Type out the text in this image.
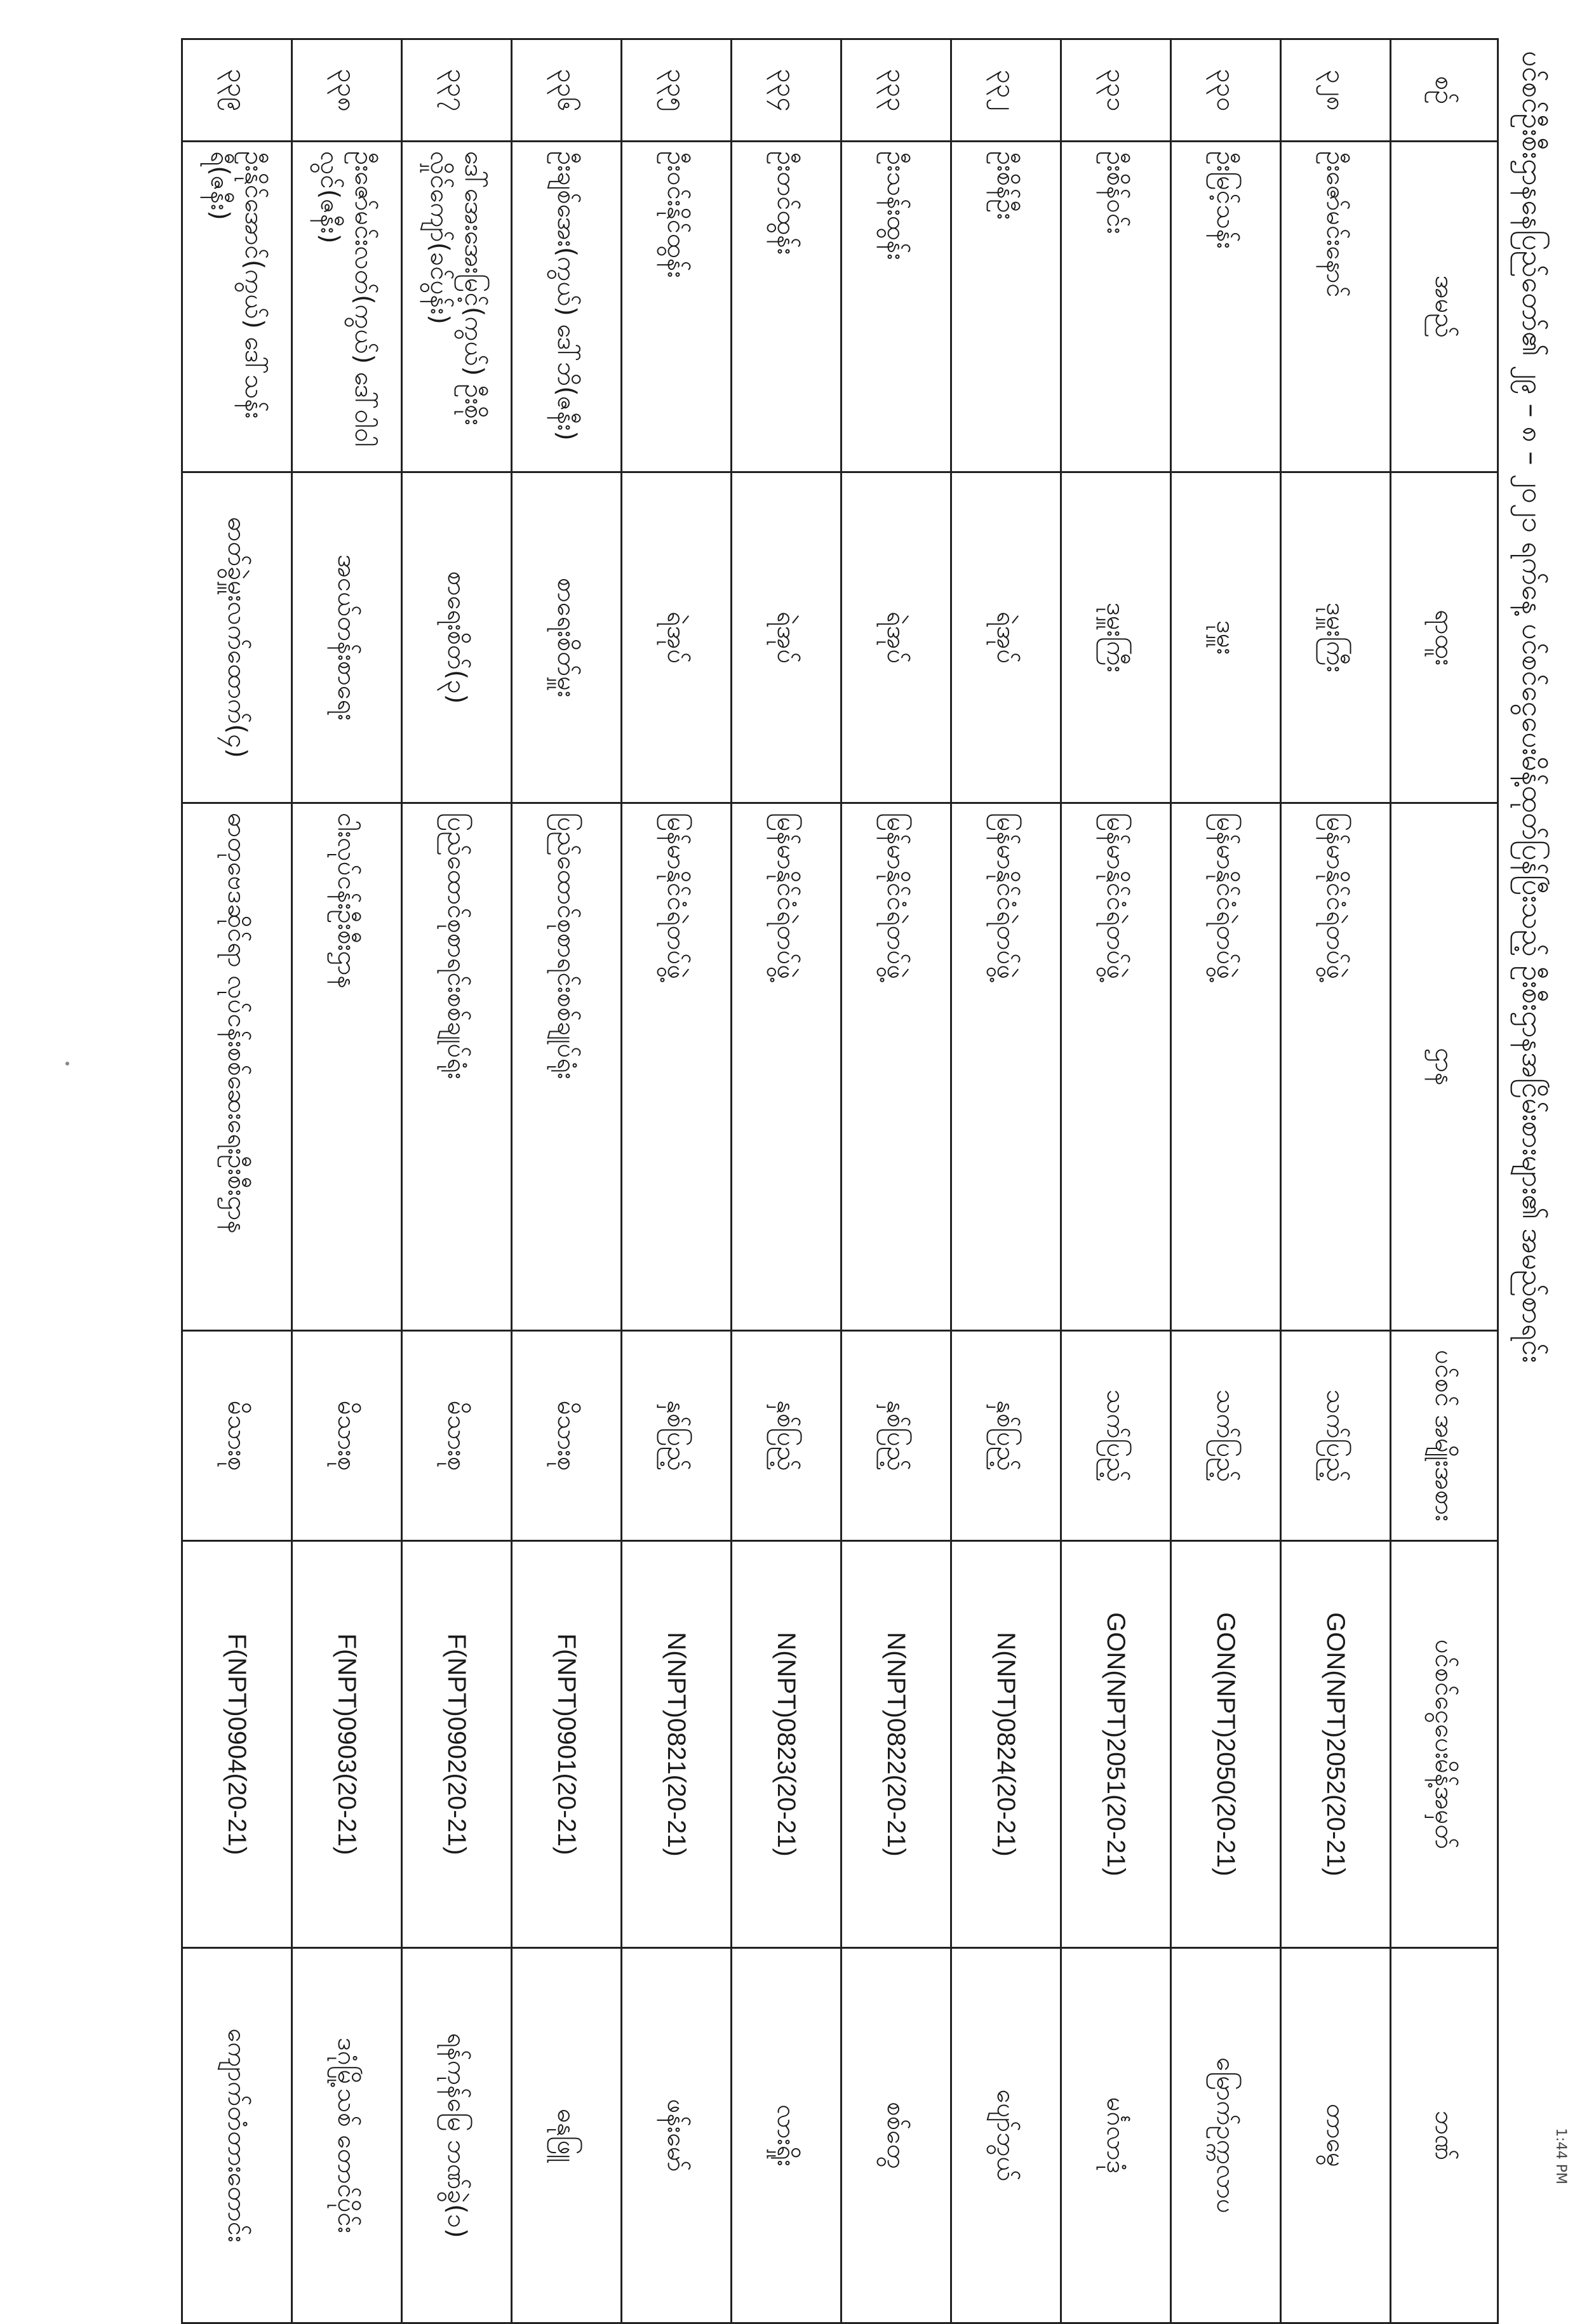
1:44 PM
ပင်စင်ဦးစီးဌာနနေပြည်တော်၏ ၂၉ – ၈ – ၂၀၂၁ ရက်နေ့ ပင်စင်ငွေပေးမိန့်ထုတ်ပြန်ပြီးသည့် ဦးစီးဌာနအငြိမ်းစားများ၏ အမည်စာရင်း
စဉ်	အမည်	ရာထူး	ဌာန	ပင်စင် အမျိုးအစား	ပင်စင်ငွေပေးမိန့်အမှတ်	ဘဏ်
၃၂၈	ဦးဇော်မင်းနောင်	ဒုမှူးကြီး	မြန်မာနိုင်ငံရဲတပ်ဖွဲ့	သက်ပြည့်	GON(NPT)2052(20-21)	တာမွေ
၃၃၀	ဦးမြင့်သန်း	ဒုမှူး	မြန်မာနိုင်ငံရဲတပ်ဖွဲ့	သက်ပြည့်	GON(NPT)2050(20-21)	မြောက်ဥက္ကလာပ
၃၃၁	ဦးစိန်ဝင်း	ဒုမှူးကြီး	မြန်မာနိုင်ငံရဲတပ်ဖွဲ့	သက်ပြည့်	GON(NPT)2051(20-21)	မင်္ဂလာဒုံ
၃၃၂	ဦးစိန်ဦး	ရဲအုပ်	မြန်မာနိုင်ငံရဲတပ်ဖွဲ့	နှစ်ပြည့်	N(NPT)0824(20-21)	ပျော်ဘွယ်
၃၃၃	ဦးသန်းထွန်း	ရဲအုပ်	မြန်မာနိုင်ငံရဲတပ်ဖွဲ့	နှစ်ပြည့်	N(NPT)0822(20-21)	စစ်တွေ
၃၃၄	ဦးတင်ထွန်း	ရဲအုပ်	မြန်မာနိုင်ငံရဲတပ်ဖွဲ့	နှစ်ပြည့်	N(NPT)0823(20-21)	လားရှိုး
၃၃၅	ဦးဝင်းနိုင်ထွန်း	ရဲအုပ်	မြန်မာနိုင်ငံရဲတပ်ဖွဲ့	နှစ်ပြည့်	N(NPT)0821(20-21)	ဖန်းမော်
၃၃၆	ဦးချစ်အေး(ကွယ်) ဒေါ်ဘိ(ဇနီး)	စာရေးစိတ်မှူး	ပြည်ထောင်စုစာရင်းစစ်ချုပ်ရုံး	မိသားစု	F(NPT)0901(20-21)	ဓနုဖြူ
၃၃၇	ဒေါ်အေးအေးမြင့်(ကွယ်) ဦးစိုးလှိုင်ကျော်(ခင်ပွန်း)	စာရေးစိတ်(၃)	ပြည်ထောင်စုစာရင်းစစ်ချုပ်ရုံး	မိသားစု	F(NPT)0902(20-21)	ရန်ကုန်မြေ ဘဏ်ခွဲ(၁)
၃၃၈	ဦးဇော်မင်းလတ်(ကွယ်) ဒေါ်ဝါဝါလွင်(ဇနီး)	အငယ်တန်းစာရေး	ငါးလုပ်ငန်းဦးစီးဌာန	မိသားစု	F(NPT)0903(20-21)	ဒဂုံမြို့သစ် တောင်ပိုင်း
၃၃၉	ဦးနိုင်အောင်(ကွယ်) ဒေါ်သန်းရီ(ဇနီး)	ဓာတ်ခွဲမှူးလက်ထောက်(၄)	ဓာတုဗေဒဆိုင်ရာ လုပ်ငန်းစစ်ဆေးရေးဦးစီးဌာန	မိသားစု	F(NPT)0904(20-21)	ကျောက်တံတားတောင်း
